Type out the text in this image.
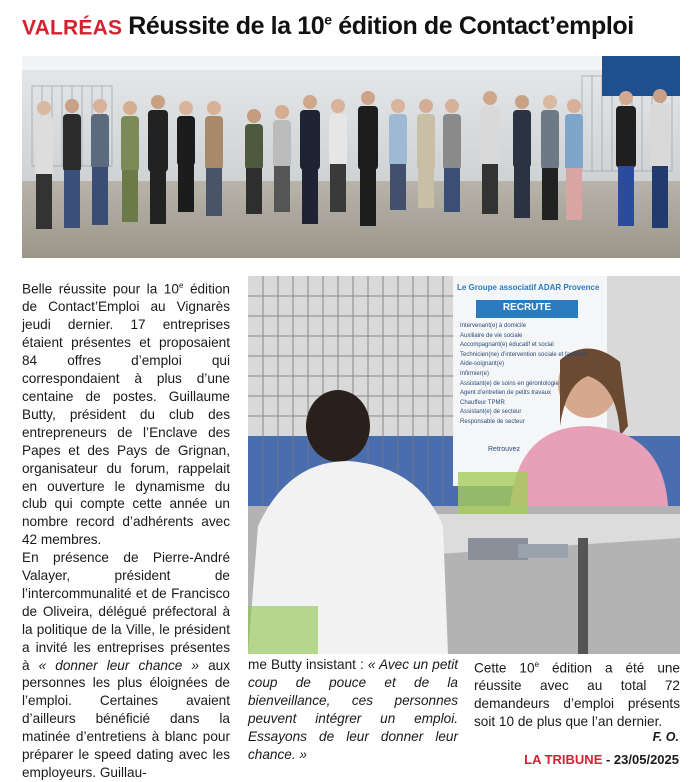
VALRÉAS Réussite de la 10e édition de Contact’emploi
Le Groupe associatif ADAR Provence
RECRUTE
Intervenant(e) à domicile
Auxiliaire de vie sociale
Accompagnant(e) éducatif et social
Technicien(ne) d’intervention sociale et familiale
Aide-soignant(e)
Infirmier(e)
Assistant(e) de soins en gérontologie
Agent d’entretien de petits travaux
Chauffeur TPMR
Assistant(e) de secteur
Responsable de secteur
Retrouvez

Belle réussite pour la 10e édition de Contact’Emploi au Vignarès jeudi dernier. 17 entreprises étaient présentes et proposaient 84 offres d’emploi qui correspondaient à plus d’une centaine de postes. Guillaume Butty, président du club des entrepreneurs de l’Enclave des Papes et des Pays de Grignan, organisateur du forum, rappelait en ouverture le dynamisme du club qui compte cette année un nombre record d’adhérents avec 42 membres.

En présence de Pierre-André Valayer, président de l’intercommunalité et de Francisco de Oliveira, délégué préfectoral à la politique de la Ville, le président a invité les entreprises présentes à « donner leur chance » aux personnes les plus éloignées de l’emploi. Certaines avaient d’ailleurs bénéficié dans la matinée d’entretiens à blanc pour préparer le speed dating avec les employeurs. Guillau-

me Butty insistant : « Avec un petit coup de pouce et de la bienveillance, ces personnes peuvent intégrer un emploi. Essayons de leur donner leur chance. »

Cette 10e édition a été une réussite avec au total 72 demandeurs d’emploi présents soit 10 de plus que l’an dernier.

F. O.
LA TRIBUNE - 23/05/2025
